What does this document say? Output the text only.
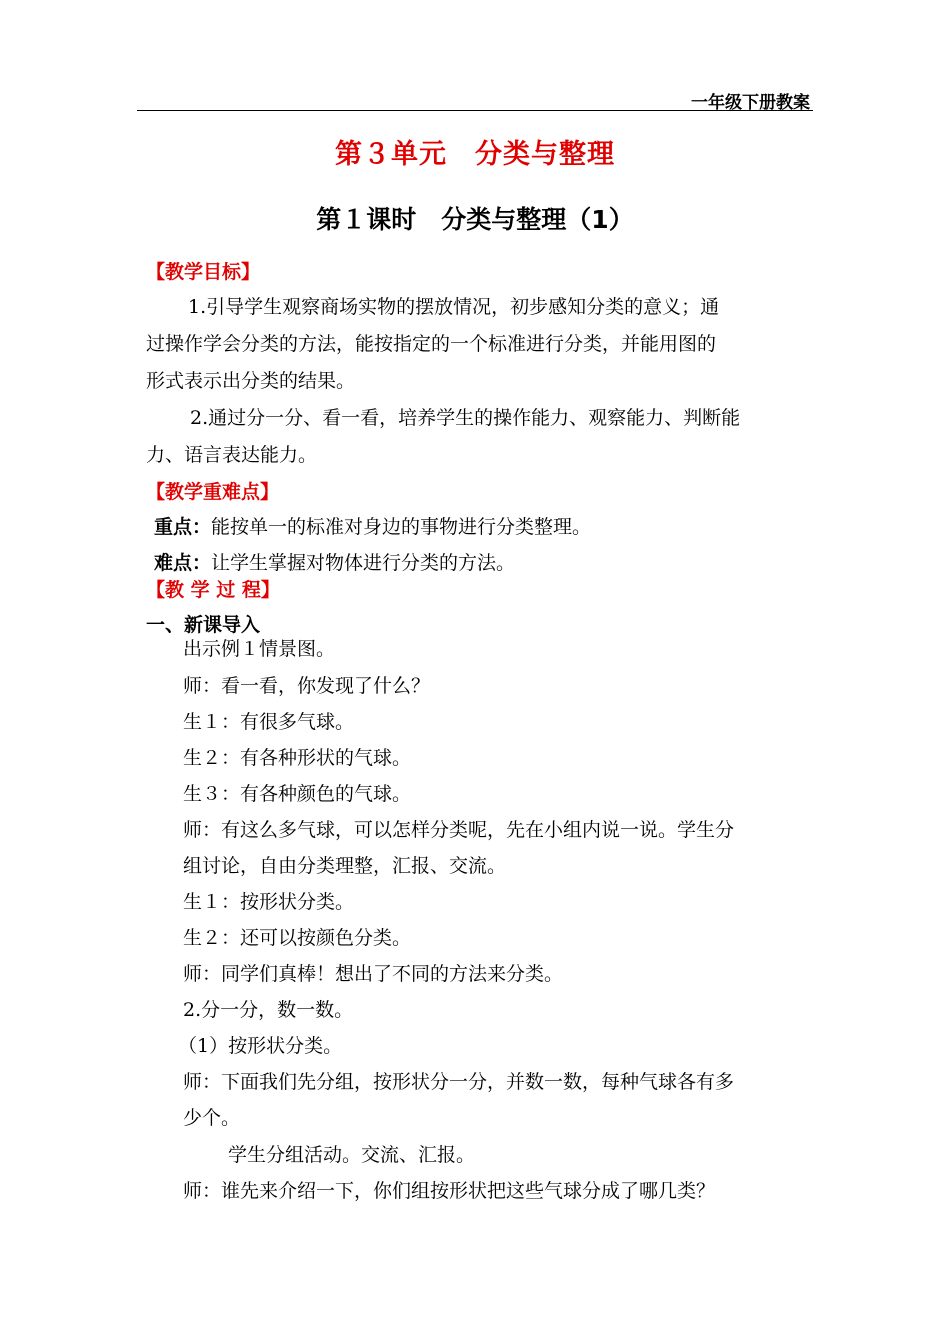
一年级下册教案
第３单元　分类与整理
第１课时　分类与整理（1）
【教学目标】
1.引导学生观察商场实物的摆放情况，初步感知分类的意义；通
过操作学会分类的方法，能按指定的一个标准进行分类，并能用图的
形式表示出分类的结果。
2.通过分一分、看一看，培养学生的操作能力、观察能力、判断能
力、语言表达能力。
【教学重难点】
重点：能按单一的标准对身边的事物进行分类整理。
难点：让学生掌握对物体进行分类的方法。
【教 学 过 程】
一、新课导入
出示例１情景图。
师：看一看，你发现了什么？
生１：有很多气球。
生２：有各种形状的气球。
生３：有各种颜色的气球。
师：有这么多气球，可以怎样分类呢，先在小组内说一说。学生分
组讨论，自由分类理整，汇报、交流。
生１：按形状分类。
生２：还可以按颜色分类。
师：同学们真棒！想出了不同的方法来分类。
2.分一分，数一数。
（1）按形状分类。
师：下面我们先分组，按形状分一分，并数一数，每种气球各有多
少个。
学生分组活动。交流、汇报。
师：谁先来介绍一下，你们组按形状把这些气球分成了哪几类？
